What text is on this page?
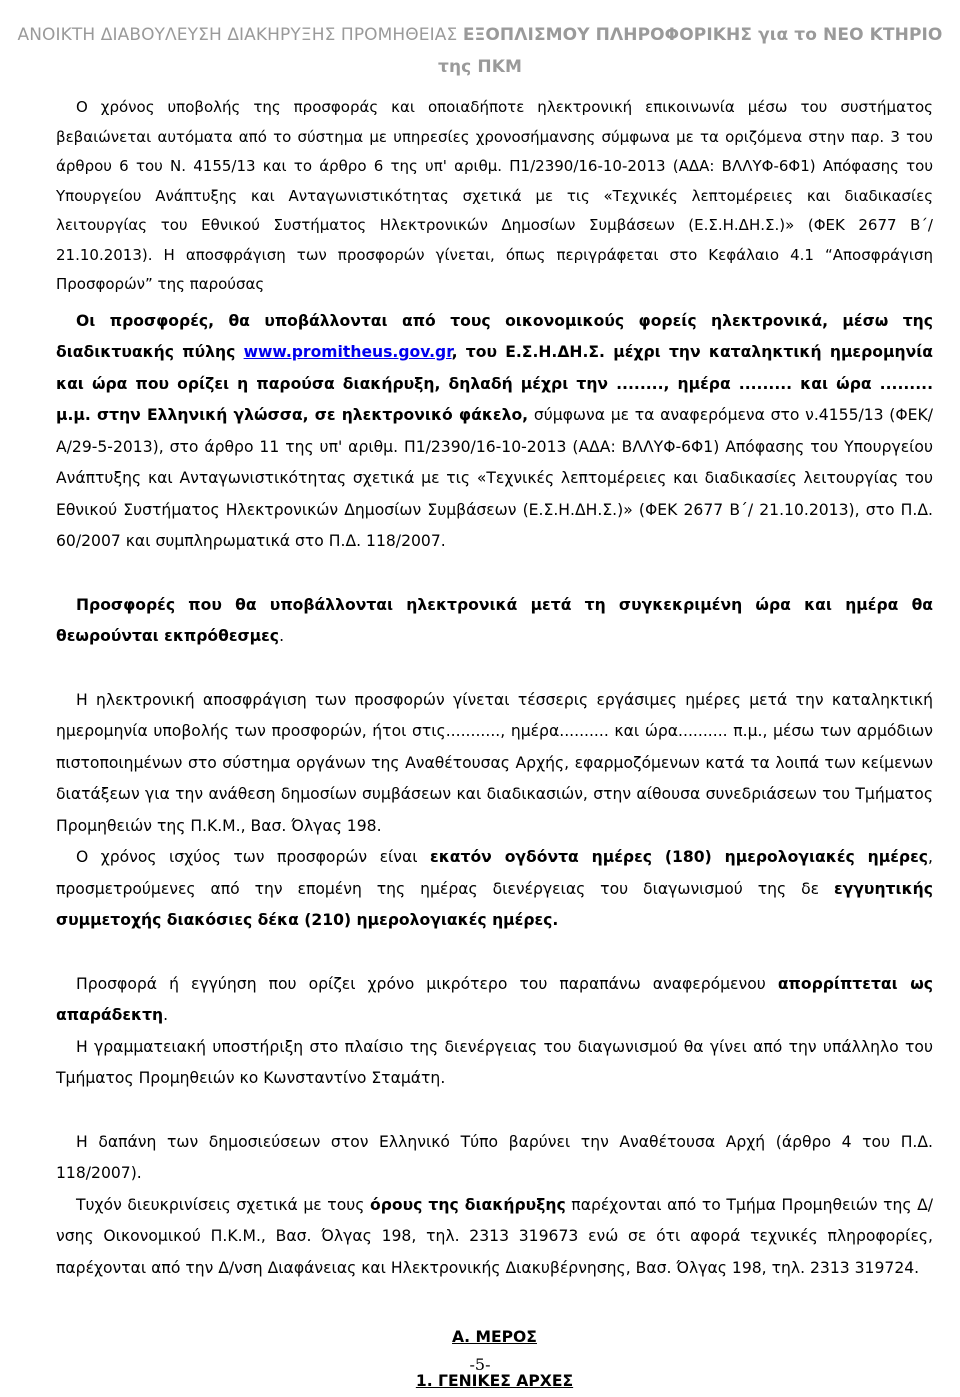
ΑΝΟΙΚΤΗ ΔΙΑΒΟΥΛΕΥΣΗ ΔΙΑΚΗΡΥΞΗΣ ΠΡΟΜΗΘΕΙΑΣ ΕΞΟΠΛΙΣΜΟΥ ΠΛΗΡΟΦΟΡΙΚΗΣ για το ΝΕΟ ΚΤΗΡΙΟ της ΠΚΜ

Ο χρόνος υποβολής της προσφοράς και οποιαδήποτε ηλεκτρονική επικοινωνία μέσω του συστήματος βεβαιώνεται αυτόματα από το σύστημα με υπηρεσίες χρονοσήμανσης σύμφωνα με τα οριζόμενα στην παρ. 3 του άρθρου 6 του Ν. 4155/13 και το άρθρο 6 της υπ' αριθμ. Π1/2390/16-10-2013 (ΑΔΑ: ΒΛΛΥΦ-6Φ1) Απόφασης του Υπουργείου Ανάπτυξης και Ανταγωνιστικότητας σχετικά με τις «Τεχνικές λεπτομέρειες και διαδικασίες λειτουργίας του Εθνικού Συστήματος Ηλεκτρονικών Δημοσίων Συμβάσεων (Ε.Σ.Η.ΔΗ.Σ.)» (ΦΕΚ 2677 Β΄/ 21.10.2013). Η αποσφράγιση των προσφορών γίνεται, όπως περιγράφεται στο Κεφάλαιο 4.1 “Αποσφράγιση Προσφορών” της παρούσας

Οι προσφορές, θα υποβάλλονται από τους οικονομικούς φορείς ηλεκτρονικά, μέσω της διαδικτυακής πύλης www.promitheus.gov.gr, του Ε.Σ.Η.ΔΗ.Σ. μέχρι την καταληκτική ημερομηνία και ώρα που ορίζει η παρούσα διακήρυξη, δηλαδή μέχρι την ........, ημέρα ......... και ώρα ......... μ.μ. στην Ελληνική γλώσσα, σε ηλεκτρονικό φάκελο, σύμφωνα με τα αναφερόμενα στο ν.4155/13 (ΦΕΚ/Α/29-5-2013), στο άρθρο 11 της υπ' αριθμ. Π1/2390/16-10-2013 (ΑΔΑ: ΒΛΛΥΦ-6Φ1) Απόφασης του Υπουργείου Ανάπτυξης και Ανταγωνιστικότητας σχετικά με τις «Τεχνικές λεπτομέρειες και διαδικασίες λειτουργίας του Εθνικού Συστήματος Ηλεκτρονικών Δημοσίων Συμβάσεων (Ε.Σ.Η.ΔΗ.Σ.)» (ΦΕΚ 2677 Β΄/ 21.10.2013), στο Π.Δ. 60/2007 και συμπληρωματικά στο Π.Δ. 118/2007.

Προσφορές που θα υποβάλλονται ηλεκτρονικά μετά τη συγκεκριμένη ώρα και ημέρα θα θεωρούνται εκπρόθεσμες.

Η ηλεκτρονική αποσφράγιση των προσφορών γίνεται τέσσερις εργάσιμες ημέρες μετά την καταληκτική ημερομηνία υποβολής των προσφορών, ήτοι στις..........., ημέρα.......... και ώρα.......... π.μ., μέσω των αρμόδιων πιστοποιημένων στο σύστημα οργάνων της Αναθέτουσας Αρχής, εφαρμοζόμενων κατά τα λοιπά των κείμενων διατάξεων για την ανάθεση δημοσίων συμβάσεων και διαδικασιών, στην αίθουσα συνεδριάσεων του Τμήματος Προμηθειών της Π.Κ.Μ., Βασ. Όλγας 198.

Ο χρόνος ισχύος των προσφορών είναι εκατόν ογδόντα ημέρες (180) ημερολογιακές ημέρες, προσμετρούμενες από την επομένη της ημέρας διενέργειας του διαγωνισμού της δε εγγυητικής συμμετοχής διακόσιες δέκα (210) ημερολογιακές ημέρες.

Προσφορά ή εγγύηση που ορίζει χρόνο μικρότερο του παραπάνω αναφερόμενου απορρίπτεται ως απαράδεκτη.

Η γραμματειακή υποστήριξη στο πλαίσιο της διενέργειας του διαγωνισμού θα γίνει από την υπάλληλο του Τμήματος Προμηθειών κο Κωνσταντίνο Σταμάτη.

Η δαπάνη των δημοσιεύσεων στον Ελληνικό Τύπο βαρύνει την Αναθέτουσα Αρχή (άρθρο 4 του Π.Δ. 118/2007).

Τυχόν διευκρινίσεις σχετικά με τους όρους της διακήρυξης παρέχονται από το Τμήμα Προμηθειών της Δ/νσης Οικονομικού Π.Κ.Μ., Βασ. Όλγας 198, τηλ. 2313 319673 ενώ σε ότι αφορά τεχνικές πληροφορίες, παρέχονται από την Δ/νση Διαφάνειας και Ηλεκτρονικής Διακυβέρνησης, Βασ. Όλγας 198, τηλ. 2313 319724.

Α. ΜΕΡΟΣ

1. ΓΕΝΙΚΕΣ ΑΡΧΕΣ

-5-
